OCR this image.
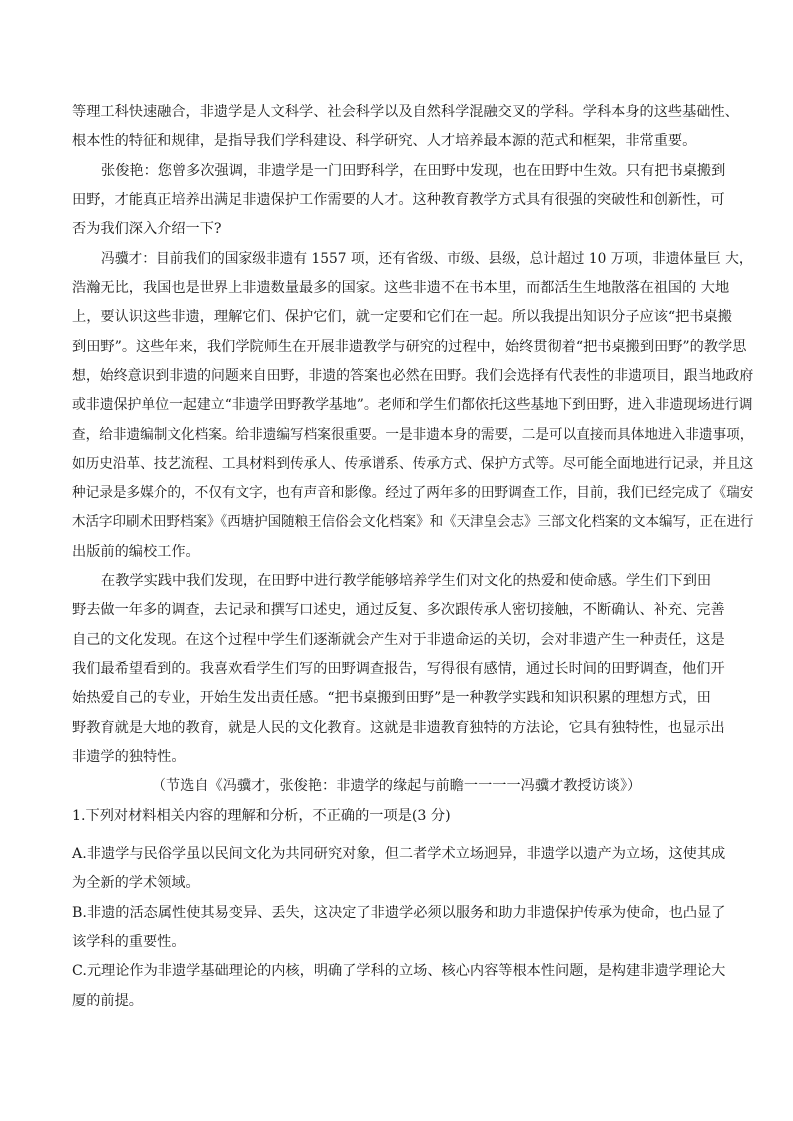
等理工科快速融合，非遗学是人文科学、社会科学以及自然科学混融交叉的学科。学科本身的这些基础性、
根本性的特征和规律，是指导我们学科建设、科学研究、人才培养最本源的范式和框架，非常重要。
张俊艳：您曾多次强调，非遗学是一门田野科学，在田野中发现，也在田野中生效。只有把书桌搬到
田野，才能真正培养出满足非遗保护工作需要的人才。这种教育教学方式具有很强的突破性和创新性，可
否为我们深入介绍一下?
冯骥才：目前我们的国家级非遗有 1557 项，还有省级、市级、县级，总计超过 10 万项，非遗体量巨 大，
浩瀚无比，我国也是世界上非遗数量最多的国家。这些非遗不在书本里，而都活生生地散落在祖国的 大地
上，要认识这些非遗，理解它们、保护它们，就一定要和它们在一起。所以我提出知识分子应该“把书桌搬
到田野”。这些年来，我们学院师生在开展非遗教学与研究的过程中，始终贯彻着“把书桌搬到田野”的教学思
想，始终意识到非遗的问题来自田野，非遗的答案也必然在田野。我们会选择有代表性的非遗项目，跟当地政府
或非遗保护单位一起建立“非遗学田野教学基地”。老师和学生们都依托这些基地下到田野，进入非遗现场进行调
查，给非遗编制文化档案。给非遗编写档案很重要。一是非遗本身的需要，二是可以直接而具体地进入非遗事项，
如历史沿革、技艺流程、工具材料到传承人、传承谱系、传承方式、保护方式等。尽可能全面地进行记录，并且这
种记录是多媒介的，不仅有文字，也有声音和影像。经过了两年多的田野调查工作，目前，我们已经完成了《瑞安
木活字印刷术田野档案》《西塘护国随粮王信俗会文化档案》和《天津皇会志》三部文化档案的文本编写，正在进行
出版前的编校工作。
在教学实践中我们发现，在田野中进行教学能够培养学生们对文化的热爱和使命感。学生们下到田
野去做一年多的调查，去记录和撰写口述史，通过反复、多次跟传承人密切接触，不断确认、补充、完善
自己的文化发现。在这个过程中学生们逐渐就会产生对于非遗命运的关切，会对非遗产生一种责任，这是
我们最希望看到的。我喜欢看学生们写的田野调查报告，写得很有感情，通过长时间的田野调查，他们开
始热爱自己的专业，开始生发出责任感。“把书桌搬到田野”是一种教学实践和知识积累的理想方式，田
野教育就是大地的教育，就是人民的文化教育。这就是非遗教育独特的方法论，它具有独特性，也显示出
非遗学的独特性。
（节选自《冯骥才，张俊艳：非遗学的缘起与前瞻一一一一冯骥才教授访谈》）
1.下列对材料相关内容的理解和分析，不正确的一项是(3 分)
A.非遗学与民俗学虽以民间文化为共同研究对象，但二者学术立场迥异，非遗学以遗产为立场，这使其成
为全新的学术领域。
B.非遗的活态属性使其易变异、丢失，这决定了非遗学必须以服务和助力非遗保护传承为使命，也凸显了
该学科的重要性。
C.元理论作为非遗学基础理论的内核，明确了学科的立场、核心内容等根本性问题，是构建非遗学理论大
厦的前提。
